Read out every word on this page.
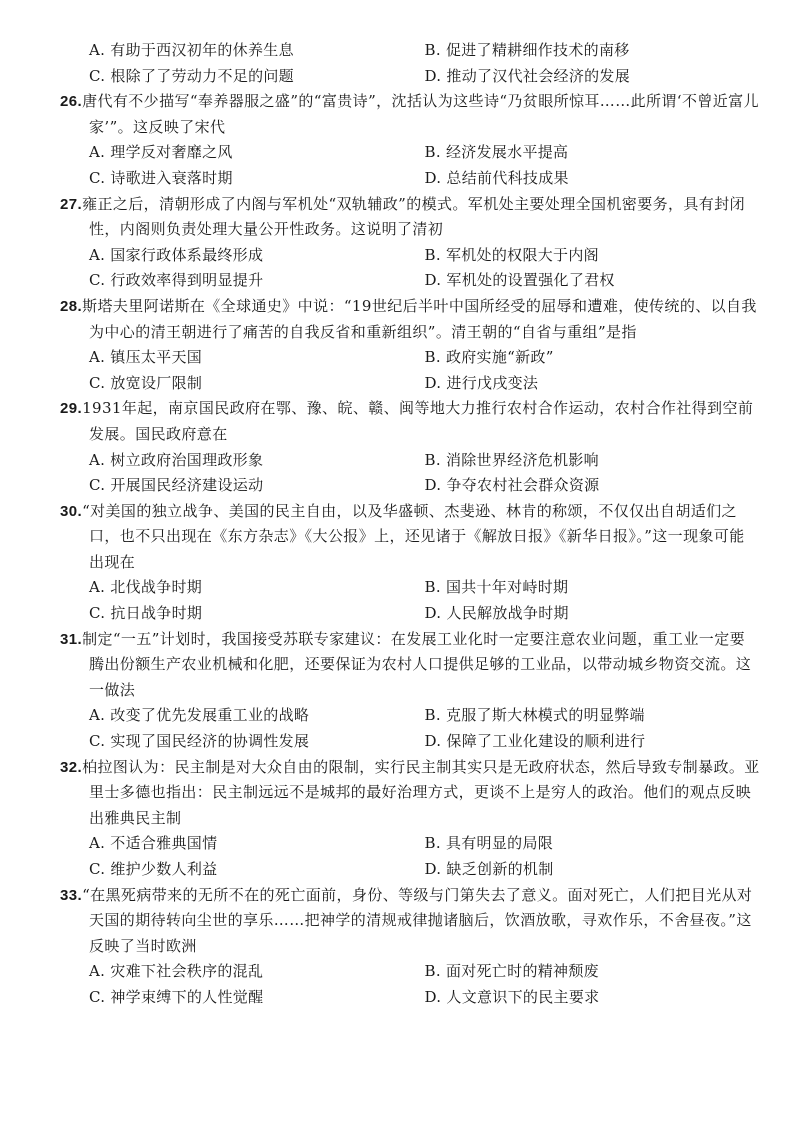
A. 有助于西汉初年的休养生息	B. 促进了精耕细作技术的南移
C. 根除了了劳动力不足的问题	D. 推动了汉代社会经济的发展

26.唐代有不少描写“奉养器服之盛”的“富贵诗”，沈括认为这些诗“乃贫眼所惊耳……此所谓‘不曾近富儿家’”。这反映了宋代

A. 理学反对奢靡之风	B. 经济发展水平提高
C. 诗歌进入衰落时期	D. 总结前代科技成果

27.雍正之后，清朝形成了内阁与军机处“双轨辅政”的模式。军机处主要处理全国机密要务，具有封闭性，内阁则负责处理大量公开性政务。这说明了清初

A. 国家行政体系最终形成	B. 军机处的权限大于内阁
C. 行政效率得到明显提升	D. 军机处的设置强化了君权

28.斯塔夫里阿诺斯在《全球通史》中说：“19世纪后半叶中国所经受的屈辱和遭难，使传统的、以自我为中心的清王朝进行了痛苦的自我反省和重新组织”。清王朝的“自省与重组”是指

A. 镇压太平天国	B. 政府实施“新政”
C. 放宽设厂限制	D. 进行戊戌变法

29.1931年起，南京国民政府在鄂、豫、皖、赣、闽等地大力推行农村合作运动，农村合作社得到空前发展。国民政府意在

A. 树立政府治国理政形象	B. 消除世界经济危机影响
C. 开展国民经济建设运动	D. 争夺农村社会群众资源

30.“对美国的独立战争、美国的民主自由，以及华盛顿、杰斐逊、林肯的称颂，不仅仅出自胡适们之口，也不只出现在《东方杂志》《大公报》上，还见诸于《解放日报》《新华日报》。”这一现象可能出现在

A. 北伐战争时期	B. 国共十年对峙时期
C. 抗日战争时期	D. 人民解放战争时期

31.制定“一五”计划时，我国接受苏联专家建议：在发展工业化时一定要注意农业问题，重工业一定要腾出份额生产农业机械和化肥，还要保证为农村人口提供足够的工业品，以带动城乡物资交流。这一做法

A. 改变了优先发展重工业的战略	B. 克服了斯大林模式的明显弊端
C. 实现了国民经济的协调性发展	D. 保障了工业化建设的顺利进行

32.柏拉图认为：民主制是对大众自由的限制，实行民主制其实只是无政府状态，然后导致专制暴政。亚里士多德也指出：民主制远远不是城邦的最好治理方式，更谈不上是穷人的政治。他们的观点反映出雅典民主制

A. 不适合雅典国情	B. 具有明显的局限
C. 维护少数人利益	D. 缺乏创新的机制

33.“在黑死病带来的无所不在的死亡面前，身份、等级与门第失去了意义。面对死亡，人们把目光从对天国的期待转向尘世的享乐……把神学的清规戒律抛诸脑后，饮酒放歌，寻欢作乐，不舍昼夜。”这反映了当时欧洲

A. 灾难下社会秩序的混乱	B. 面对死亡时的精神颓废
C. 神学束缚下的人性觉醒	D. 人文意识下的民主要求
